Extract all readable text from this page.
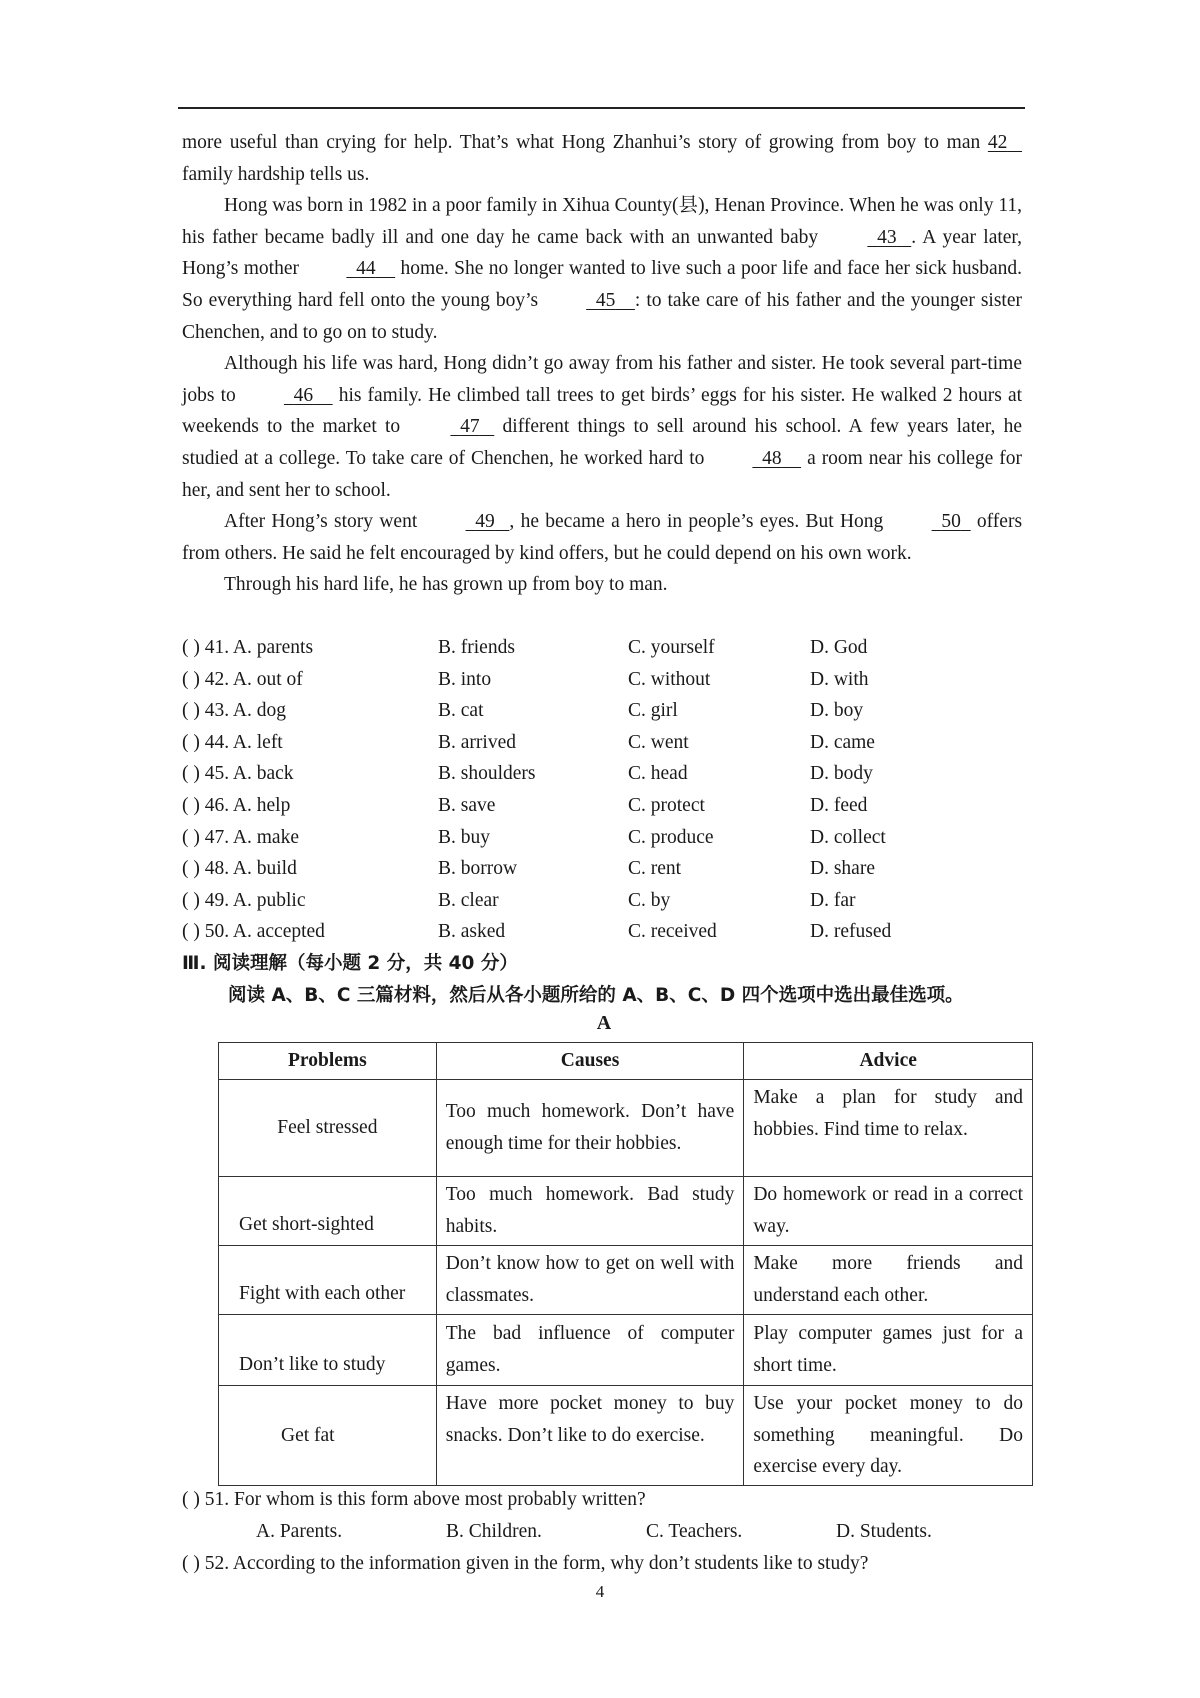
more useful than crying for help. That’s what Hong Zhanhui’s story of growing from boy to man 42    family hardship tells us.

Hong was born in 1982 in a poor family in Xihua County(县), Henan Province. When he was only 11, his father became badly ill and one day he came back with an unwanted baby	43 . A year later, Hong’s mother	44 home. She no longer wanted to live such a poor life and face her sick husband. So everything hard fell onto the young boy’s	45 : to take care of his father and the younger sister Chenchen, and to go on to study.

Although his life was hard, Hong didn’t go away from his father and sister. He took several part-time jobs to	46 his family. He climbed tall trees to get birds’ eggs for his sister. He walked 2 hours at weekends to the market to	47 different things to sell around his school. A few years later, he studied at a college. To take care of Chenchen, he worked hard to	48 a room near his college for her, and sent her to school.

After Hong’s story went	49 , he became a hero in people’s eyes. But Hong	50 offers from others. He said he felt encouraged by kind offers, but he could depend on his own work.

Through his hard life, he has grown up from boy to man.

( ) 41. A. parents	B. friends	C. yourself	D. God
( ) 42. A. out of	B. into	C. without	D. with
( ) 43. A. dog	B. cat	C. girl	D. boy
( ) 44. A. left	B. arrived	C. went	D. came
( ) 45. A. back	B. shoulders	C. head	D. body
( ) 46. A. help	B. save	C. protect	D. feed
( ) 47. A. make	B. buy	C. produce	D. collect
( ) 48. A. build	B. borrow	C. rent	D. share
( ) 49. A. public	B. clear	C. by	D. far
( ) 50. A. accepted	B. asked	C. received	D. refused
Ⅲ. 阅读理解（每小题 2 分，共 40 分）
阅读 A、B、C 三篇材料，然后从各小题所给的 A、B、C、D 四个选项中选出最佳选项。
A
Problems	Causes	Advice
Feel stressed	Too much homework. Don’t have enough time for their hobbies.	Make a plan for study and hobbies. Find time to relax.
Get short-sighted	Too much homework. Bad study habits.	Do homework or read in a correct way.
Fight with each other	Don’t know how to get on well with classmates.	Make more friends and understand each other.
Don’t like to study	The bad influence of computer games.	Play computer games just for a short time.
Get fat	Have more pocket money to buy snacks. Don’t like to do exercise.	Use your pocket money to do something meaningful. Do exercise every day.
( ) 51. For whom is this form above most probably written?
A. Parents.	B. Children.	C. Teachers.	D. Students.
( ) 52. According to the information given in the form, why don’t students like to study?
4
